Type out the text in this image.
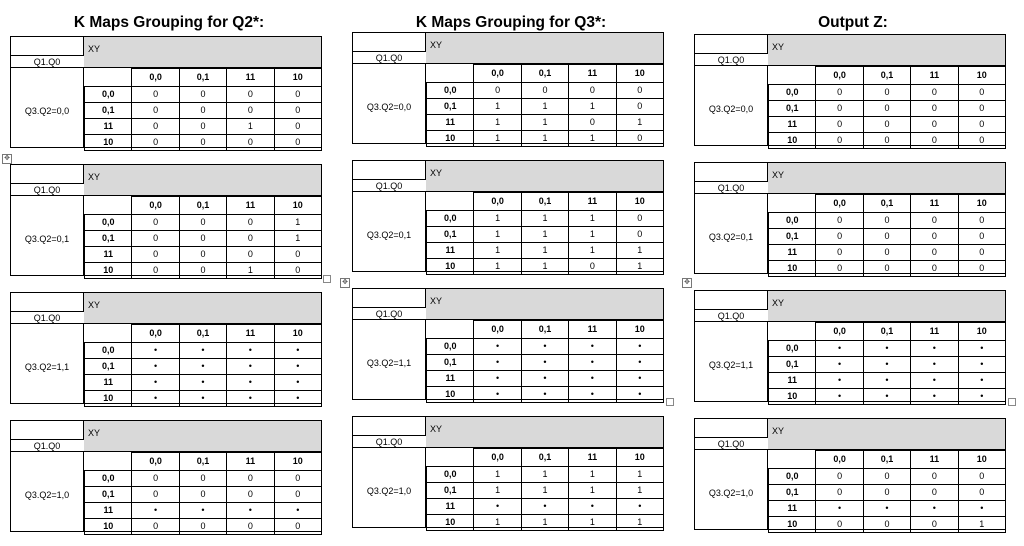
K Maps Grouping for Q2*:
XY
Q1.Q0
Q3.Q2=0,0
	0,0	0,1	11	10
0,0	0	0	0	0
0,1	0	0	0	0
11	0	0	1	0
10	0	0	0	0
XY
Q1.Q0
Q3.Q2=0,1
	0,0	0,1	11	10
0,0	0	0	0	1
0,1	0	0	0	1
11	0	0	0	0
10	0	0	1	0
XY
Q1.Q0
Q3.Q2=1,1
	0,0	0,1	11	10
0,0	•	•	•	•
0,1	•	•	•	•
11	•	•	•	•
10	•	•	•	•
XY
Q1.Q0
Q3.Q2=1,0
	0,0	0,1	11	10
0,0	0	0	0	0
0,1	0	0	0	0
11	•	•	•	•
10	0	0	0	0
K Maps Grouping for Q3*:
XY
Q1.Q0
Q3.Q2=0,0
	0,0	0,1	11	10
0,0	0	0	0	0
0,1	1	1	1	0
11	1	1	0	1
10	1	1	1	0
XY
Q1.Q0
Q3.Q2=0,1
	0,0	0,1	11	10
0,0	1	1	1	0
0,1	1	1	1	0
11	1	1	1	1
10	1	1	0	1
XY
Q1.Q0
Q3.Q2=1,1
	0,0	0,1	11	10
0,0	•	•	•	•
0,1	•	•	•	•
11	•	•	•	•
10	•	•	•	•
XY
Q1.Q0
Q3.Q2=1,0
	0,0	0,1	11	10
0,0	1	1	1	1
0,1	1	1	1	1
11	•	•	•	•
10	1	1	1	1
Output Z:
XY
Q1.Q0
Q3.Q2=0,0
	0,0	0,1	11	10
0,0	0	0	0	0
0,1	0	0	0	0
11	0	0	0	0
10	0	0	0	0
XY
Q1.Q0
Q3.Q2=0,1
	0,0	0,1	11	10
0,0	0	0	0	0
0,1	0	0	0	0
11	0	0	0	0
10	0	0	0	0
XY
Q1.Q0
Q3.Q2=1,1
	0,0	0,1	11	10
0,0	•	•	•	•
0,1	•	•	•	•
11	•	•	•	•
10	•	•	•	•
XY
Q1.Q0
Q3.Q2=1,0
	0,0	0,1	11	10
0,0	0	0	0	0
0,1	0	0	0	0
11	•	•	•	•
10	0	0	0	1
✥
✥	✥
